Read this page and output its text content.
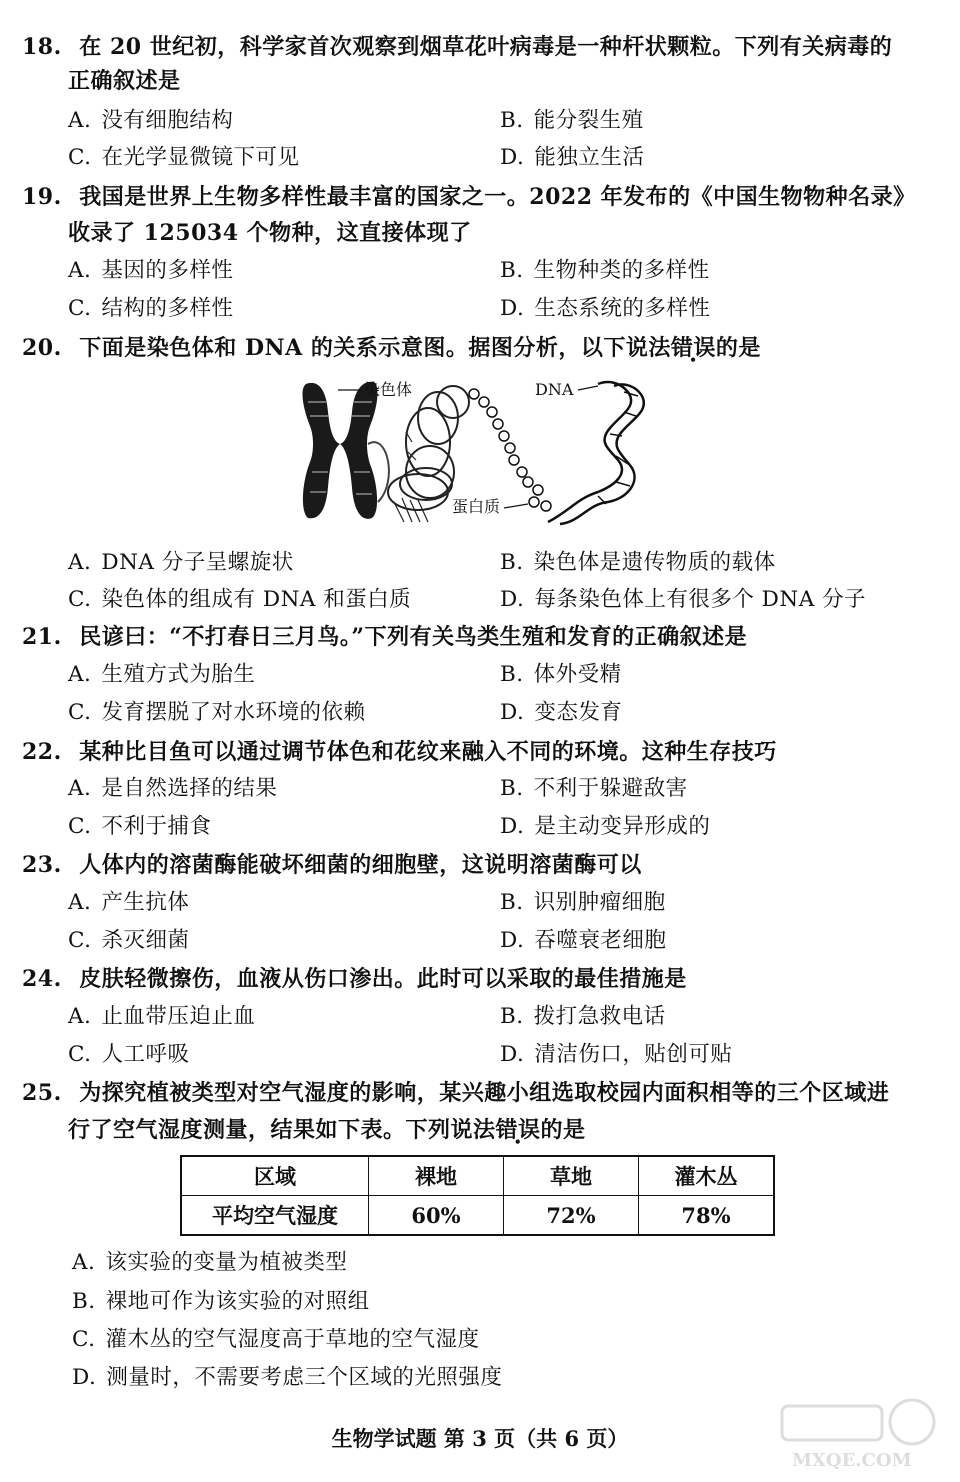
18. 在 20 世纪初，科学家首次观察到烟草花叶病毒是一种杆状颗粒。下列有关病毒的
正确叙述是
A. 没有细胞结构	B. 能分裂生殖
C. 在光学显微镜下可见	D. 能独立生活
19. 我国是世界上生物多样性最丰富的国家之一。2022 年发布的《中国生物物种名录》
收录了 125034 个物种，这直接体现了
A. 基因的多样性	B. 生物种类的多样性
C. 结构的多样性	D. 生态系统的多样性
20. 下面是染色体和 DNA 的关系示意图。据图分析，以下说法错误的是
染色体	DNA
蛋白质
A. DNA 分子呈螺旋状	B. 染色体是遗传物质的载体
C. 染色体的组成有 DNA 和蛋白质	D. 每条染色体上有很多个 DNA 分子
21. 民谚曰：“不打春日三月鸟。”下列有关鸟类生殖和发育的正确叙述是
A. 生殖方式为胎生	B. 体外受精
C. 发育摆脱了对水环境的依赖	D. 变态发育
22. 某种比目鱼可以通过调节体色和花纹来融入不同的环境。这种生存技巧
A. 是自然选择的结果	B. 不利于躲避敌害
C. 不利于捕食	D. 是主动变异形成的
23. 人体内的溶菌酶能破坏细菌的细胞壁，这说明溶菌酶可以
A. 产生抗体	B. 识别肿瘤细胞
C. 杀灭细菌	D. 吞噬衰老细胞
24. 皮肤轻微擦伤，血液从伤口渗出。此时可以采取的最佳措施是
A. 止血带压迫止血	B. 拨打急救电话
C. 人工呼吸	D. 清洁伤口，贴创可贴
25. 为探究植被类型对空气湿度的影响，某兴趣小组选取校园内面积相等的三个区域进
行了空气湿度测量，结果如下表。下列说法错误的是
区域	裸地	草地	灌木丛
平均空气湿度	60%	72%	78%
A. 该实验的变量为植被类型
B. 裸地可作为该实验的对照组
C. 灌木丛的空气湿度高于草地的空气湿度
D. 测量时，不需要考虑三个区域的光照强度
生物学试题 第 3 页（共 6 页）
MXQE.COM
